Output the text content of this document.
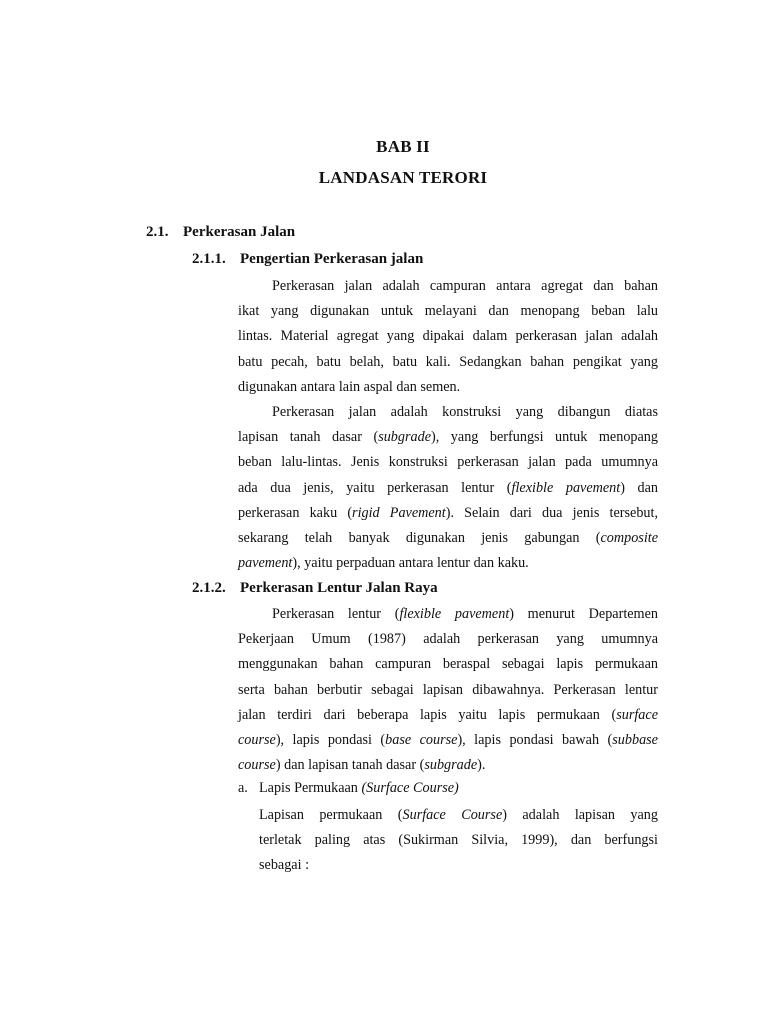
BAB II
LANDASAN TERORI
2.1. Perkerasan Jalan
2.1.1. Pengertian Perkerasan jalan
Perkerasan jalan adalah campuran antara agregat dan bahan
ikat yang digunakan untuk melayani dan menopang beban lalu
lintas. Material agregat yang dipakai dalam perkerasan jalan adalah
batu pecah, batu belah, batu kali. Sedangkan bahan pengikat yang
digunakan antara lain aspal dan semen.
Perkerasan jalan adalah konstruksi yang dibangun diatas
lapisan tanah dasar (subgrade), yang berfungsi untuk menopang
beban lalu-lintas. Jenis konstruksi perkerasan jalan pada umumnya
ada dua jenis, yaitu perkerasan lentur (flexible pavement) dan
perkerasan kaku (rigid Pavement). Selain dari dua jenis tersebut,
sekarang telah banyak digunakan jenis gabungan (composite
pavement), yaitu perpaduan antara lentur dan kaku.
2.1.2. Perkerasan Lentur Jalan Raya
Perkerasan lentur (flexible pavement) menurut Departemen
Pekerjaan Umum (1987) adalah perkerasan yang umumnya
menggunakan bahan campuran beraspal sebagai lapis permukaan
serta bahan berbutir sebagai lapisan dibawahnya. Perkerasan lentur
jalan terdiri dari beberapa lapis yaitu lapis permukaan (surface
course), lapis pondasi (base course), lapis pondasi bawah (subbase
course) dan lapisan tanah dasar (subgrade).
a. Lapis Permukaan (Surface Course)
Lapisan permukaan (Surface Course) adalah lapisan yang
terletak paling atas (Sukirman Silvia, 1999), dan berfungsi
sebagai :
